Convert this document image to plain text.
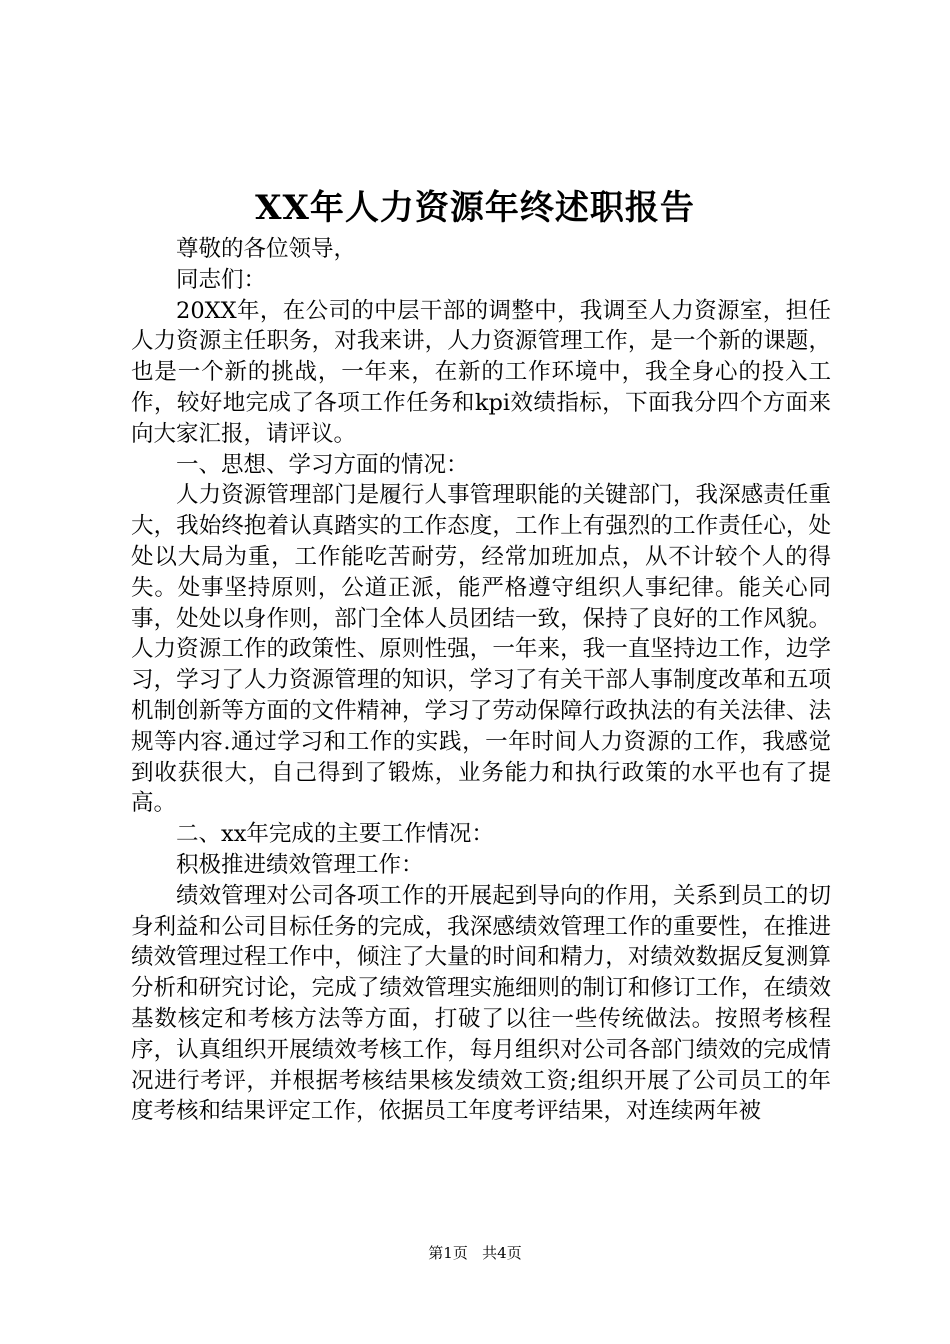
XX年人力资源年终述职报告

尊敬的各位领导，

同志们：

20XX年，在公司的中层干部的调整中，我调至人力资源室，担任人力资源主任职务，对我来讲，人力资源管理工作，是一个新的课题，也是一个新的挑战，一年来，在新的工作环境中，我全身心的投入工作，较好地完成了各项工作任务和kpi效绩指标，下面我分四个方面来向大家汇报，请评议。

一、思想、学习方面的情况：

人力资源管理部门是履行人事管理职能的关键部门，我深感责任重大，我始终抱着认真踏实的工作态度，工作上有强烈的工作责任心，处处以大局为重，工作能吃苦耐劳，经常加班加点，从不计较个人的得失。处事坚持原则，公道正派，能严格遵守组织人事纪律。能关心同事，处处以身作则，部门全体人员团结一致，保持了良好的工作风貌。人力资源工作的政策性、原则性强，一年来，我一直坚持边工作，边学习，学习了人力资源管理的知识，学习了有关干部人事制度改革和五项机制创新等方面的文件精神，学习了劳动保障行政执法的有关法律、法规等内容.通过学习和工作的实践，一年时间人力资源的工作，我感觉到收获很大，自己得到了锻炼，业务能力和执行政策的水平也有了提高。

二、xx年完成的主要工作情况：

积极推进绩效管理工作：

绩效管理对公司各项工作的开展起到导向的作用，关系到员工的切身利益和公司目标任务的完成，我深感绩效管理工作的重要性，在推进绩效管理过程工作中，倾注了大量的时间和精力，对绩效数据反复测算分析和研究讨论，完成了绩效管理实施细则的制订和修订工作，在绩效基数核定和考核方法等方面，打破了以往一些传统做法。按照考核程序，认真组织开展绩效考核工作，每月组织对公司各部门绩效的完成情况进行考评，并根据考核结果核发绩效工资;组织开展了公司员工的年度考核和结果评定工作，依据员工年度考评结果，对连续两年被

第1页 共4页
